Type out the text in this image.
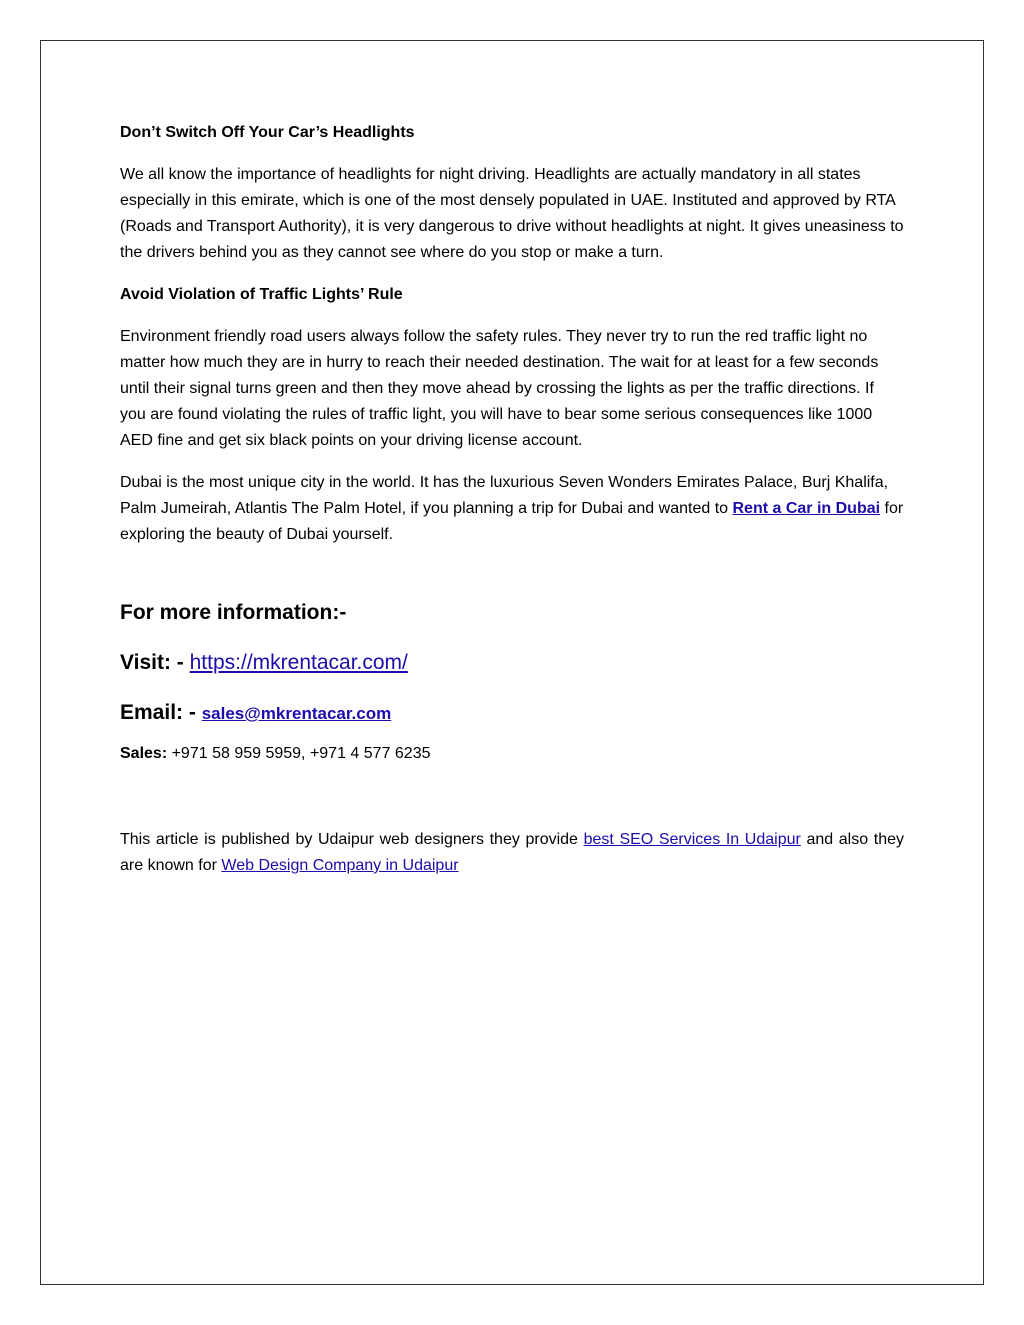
Don’t Switch Off Your Car’s Headlights

We all know the importance of headlights for night driving. Headlights are actually mandatory in all states especially in this emirate, which is one of the most densely populated in UAE. Instituted and approved by RTA (Roads and Transport Authority), it is very dangerous to drive without headlights at night. It gives uneasiness to the drivers behind you as they cannot see where do you stop or make a turn.

Avoid Violation of Traffic Lights’ Rule

Environment friendly road users always follow the safety rules. They never try to run the red traffic light no matter how much they are in hurry to reach their needed destination. The wait for at least for a few seconds until their signal turns green and then they move ahead by crossing the lights as per the traffic directions. If you are found violating the rules of traffic light, you will have to bear some serious consequences like 1000 AED fine and get six black points on your driving license account.

Dubai is the most unique city in the world. It has the luxurious Seven Wonders Emirates Palace, Burj Khalifa, Palm Jumeirah, Atlantis The Palm Hotel, if you planning a trip for Dubai and wanted to Rent a Car in Dubai for exploring the beauty of Dubai yourself.

For more information:-
Visit: - https://mkrentacar.com/
Email: - sales@mkrentacar.com
Sales: +971 58 959 5959, +971 4 577 6235

This article is published by Udaipur web designers they provide best SEO Services In Udaipur and also they are known for Web Design Company in Udaipur
